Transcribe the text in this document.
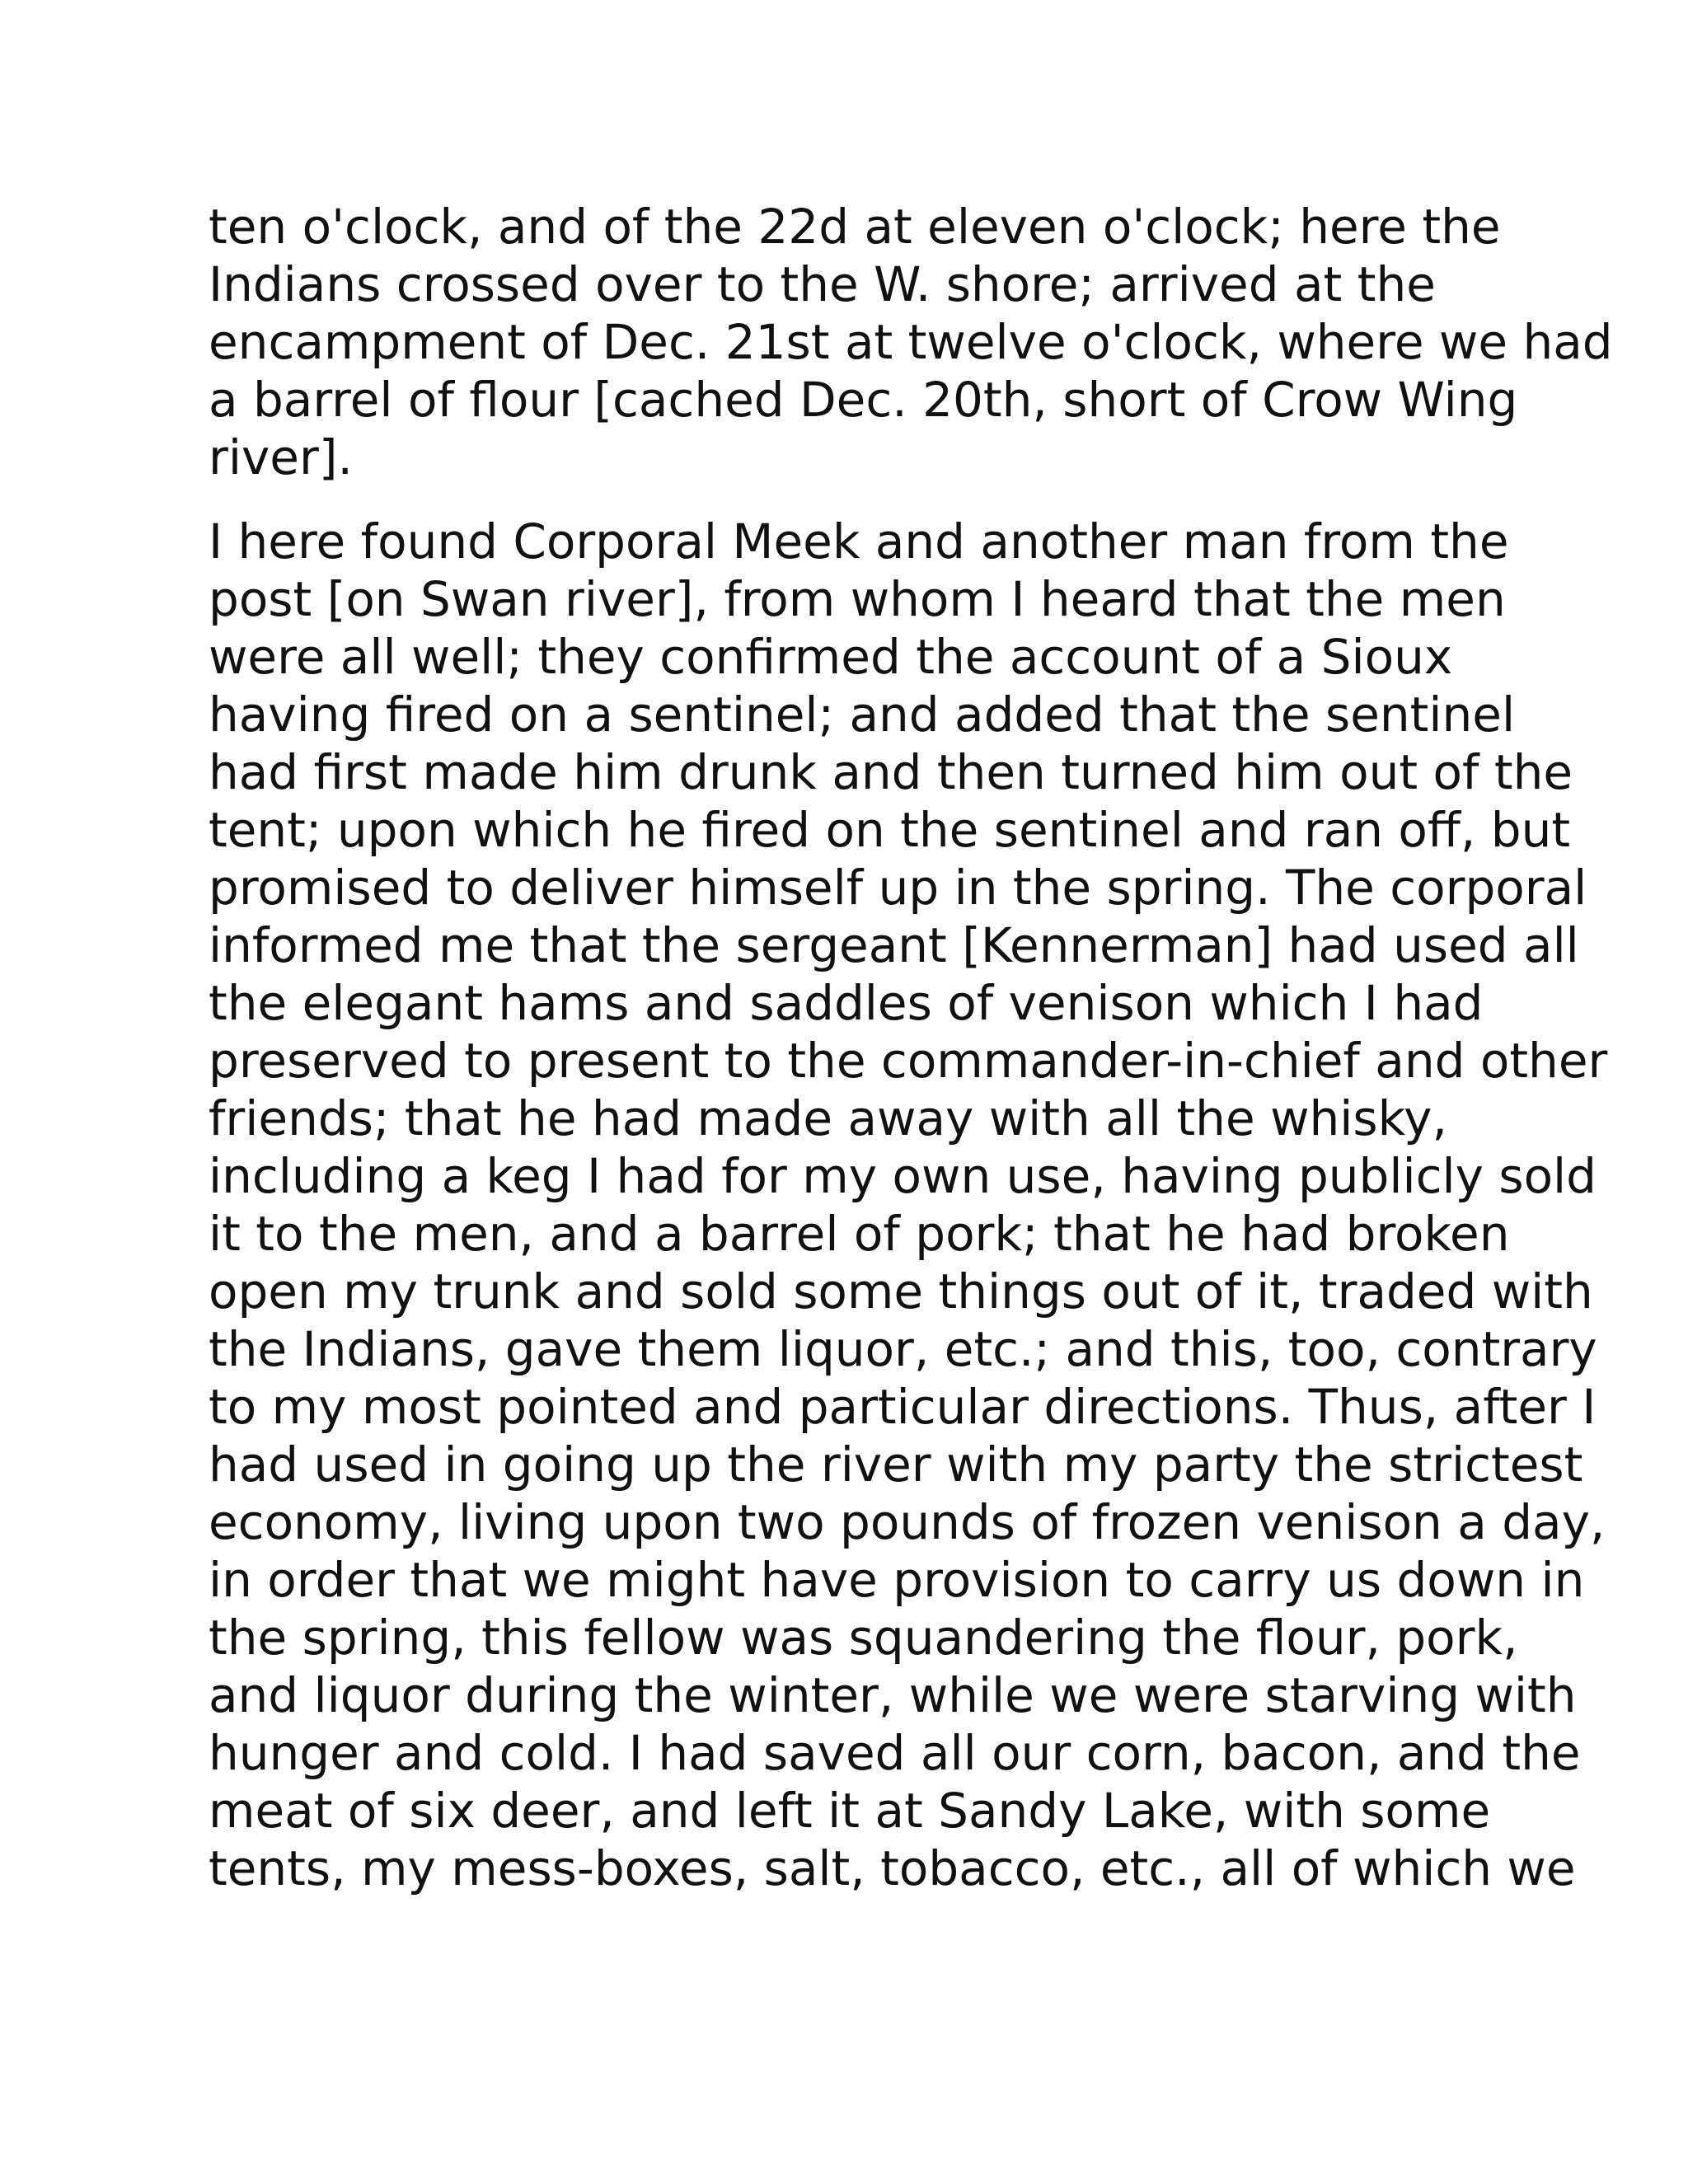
ten o'clock, and of the 22d at eleven o'clock; here the
Indians crossed over to the W. shore; arrived at the
encampment of Dec. 21st at twelve o'clock, where we had
a barrel of flour [cached Dec. 20th, short of Crow Wing
river].

I here found Corporal Meek and another man from the
post [on Swan river], from whom I heard that the men
were all well; they confirmed the account of a Sioux
having fired on a sentinel; and added that the sentinel
had first made him drunk and then turned him out of the
tent; upon which he fired on the sentinel and ran off, but
promised to deliver himself up in the spring. The corporal
informed me that the sergeant [Kennerman] had used all
the elegant hams and saddles of venison which I had
preserved to present to the commander-in-chief and other
friends; that he had made away with all the whisky,
including a keg I had for my own use, having publicly sold
it to the men, and a barrel of pork; that he had broken
open my trunk and sold some things out of it, traded with
the Indians, gave them liquor, etc.; and this, too, contrary
to my most pointed and particular directions. Thus, after I
had used in going up the river with my party the strictest
economy, living upon two pounds of frozen venison a day,
in order that we might have provision to carry us down in
the spring, this fellow was squandering the flour, pork,
and liquor during the winter, while we were starving with
hunger and cold. I had saved all our corn, bacon, and the
meat of six deer, and left it at Sandy Lake, with some
tents, my mess-boxes, salt, tobacco, etc., all of which we
